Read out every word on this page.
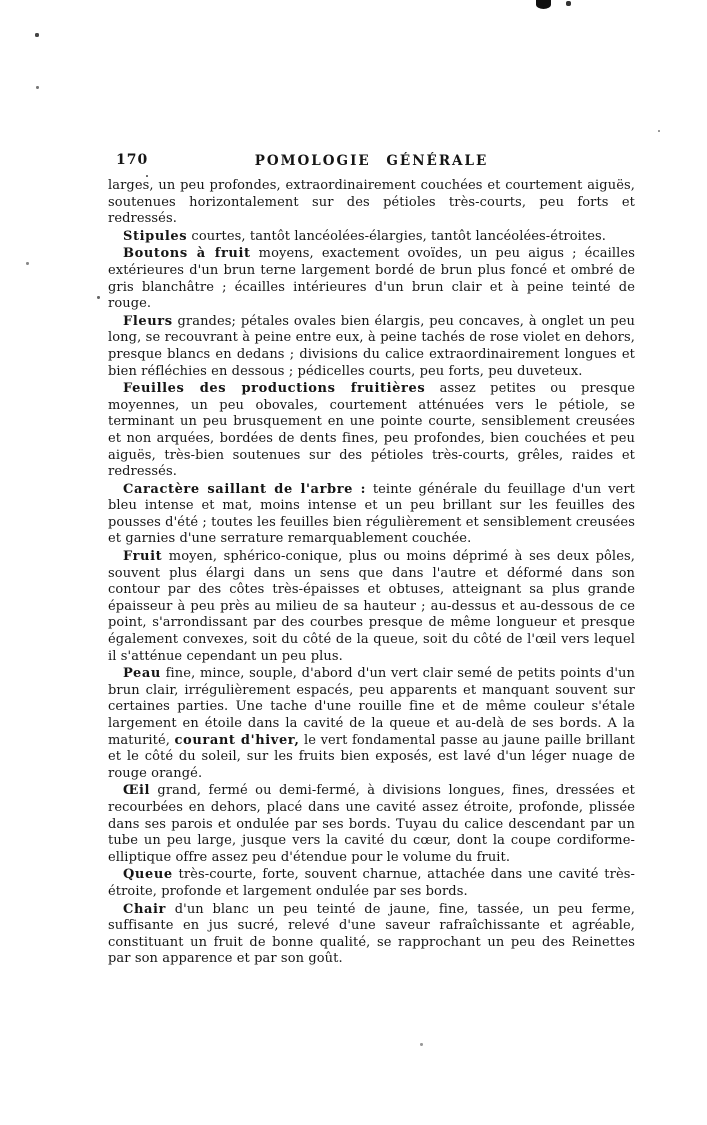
170	POMOLOGIE GÉNÉRALE

larges, un peu profondes, extraordinairement couchées et courtement aiguës, soutenues horizontalement sur des pétioles très-courts, peu forts et redressés.

Stipules courtes, tantôt lancéolées-élargies, tantôt lancéolées-étroites.

Boutons à fruit moyens, exactement ovoïdes, un peu aigus ; écailles extérieures d'un brun terne largement bordé de brun plus foncé et ombré de gris blanchâtre ; écailles intérieures d'un brun clair et à peine teinté de rouge.

Fleurs grandes; pétales ovales bien élargis, peu concaves, à onglet un peu long, se recouvrant à peine entre eux, à peine tachés de rose violet en dehors, presque blancs en dedans ; divisions du calice extraordinairement longues et bien réfléchies en dessous ; pédicelles courts, peu forts, peu duveteux.

Feuilles des productions fruitières assez petites ou presque moyennes, un peu obovales, courtement atténuées vers le pétiole, se terminant un peu brusquement en une pointe courte, sensiblement creusées et non arquées, bordées de dents fines, peu profondes, bien couchées et peu aiguës, très-bien soutenues sur des pétioles très-courts, grêles, raides et redressés.

Caractère saillant de l'arbre : teinte générale du feuillage d'un vert bleu intense et mat, moins intense et un peu brillant sur les feuilles des pousses d'été ; toutes les feuilles bien régulièrement et sensiblement creusées et garnies d'une serrature remarquablement couchée.

Fruit moyen, sphérico-conique, plus ou moins déprimé à ses deux pôles, souvent plus élargi dans un sens que dans l'autre et déformé dans son contour par des côtes très-épaisses et obtuses, atteignant sa plus grande épaisseur à peu près au milieu de sa hauteur ; au-dessus et au-dessous de ce point, s'arrondissant par des courbes presque de même longueur et presque également convexes, soit du côté de la queue, soit du côté de l'œil vers lequel il s'atténue cependant un peu plus.

Peau fine, mince, souple, d'abord d'un vert clair semé de petits points d'un brun clair, irrégulièrement espacés, peu apparents et manquant souvent sur certaines parties. Une tache d'une rouille fine et de même couleur s'étale largement en étoile dans la cavité de la queue et au-delà de ses bords. A la maturité, courant d'hiver, le vert fondamental passe au jaune paille brillant et le côté du soleil, sur les fruits bien exposés, est lavé d'un léger nuage de rouge orangé.

Œil grand, fermé ou demi-fermé, à divisions longues, fines, dressées et recourbées en dehors, placé dans une cavité assez étroite, profonde, plissée dans ses parois et ondulée par ses bords. Tuyau du calice descendant par un tube un peu large, jusque vers la cavité du cœur, dont la coupe cordiforme-elliptique offre assez peu d'étendue pour le volume du fruit.

Queue très-courte, forte, souvent charnue, attachée dans une cavité très-étroite, profonde et largement ondulée par ses bords.

Chair d'un blanc un peu teinté de jaune, fine, tassée, un peu ferme, suffisante en jus sucré, relevé d'une saveur rafraîchissante et agréable, constituant un fruit de bonne qualité, se rapprochant un peu des Reinettes par son apparence et par son goût.
